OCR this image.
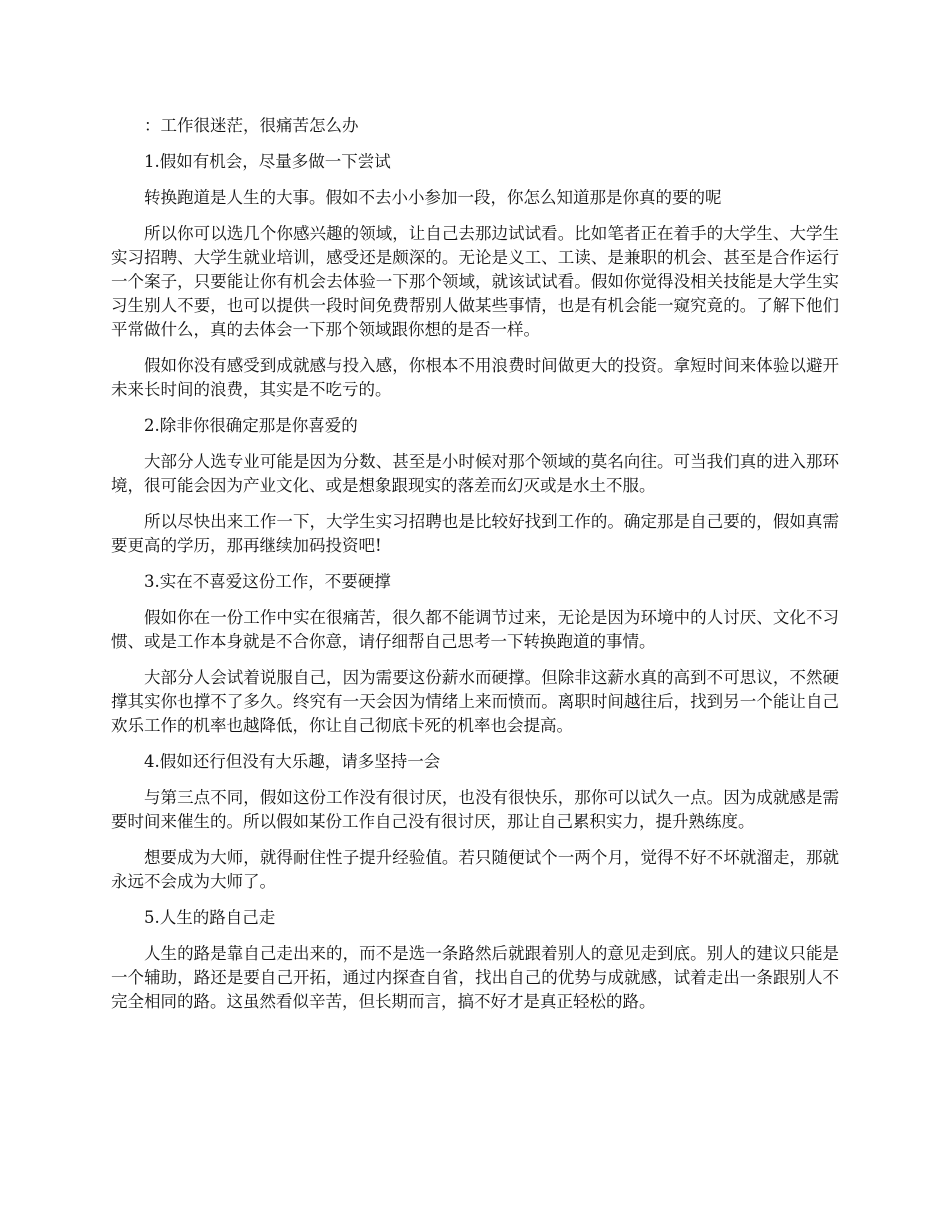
：工作很迷茫，很痛苦怎么办

1.假如有机会，尽量多做一下尝试

转换跑道是人生的大事。假如不去小小参加一段，你怎么知道那是你真的要的呢

所以你可以选几个你感兴趣的领域，让自己去那边试试看。比如笔者正在着手的大学生、大学生实习招聘、大学生就业培训，感受还是颇深的。无论是义工、工读、是兼职的机会、甚至是合作运行一个案子，只要能让你有机会去体验一下那个领域，就该试试看。假如你觉得没相关技能是大学生实习生别人不要，也可以提供一段时间免费帮别人做某些事情，也是有机会能一窥究竟的。了解下他们平常做什么，真的去体会一下那个领域跟你想的是否一样。

假如你没有感受到成就感与投入感，你根本不用浪费时间做更大的投资。拿短时间来体验以避开未来长时间的浪费，其实是不吃亏的。

2.除非你很确定那是你喜爱的

大部分人选专业可能是因为分数、甚至是小时候对那个领域的莫名向往。可当我们真的进入那环境，很可能会因为产业文化、或是想象跟现实的落差而幻灭或是水土不服。

所以尽快出来工作一下，大学生实习招聘也是比较好找到工作的。确定那是自己要的，假如真需要更高的学历，那再继续加码投资吧!

3.实在不喜爱这份工作，不要硬撑

假如你在一份工作中实在很痛苦，很久都不能调节过来，无论是因为环境中的人讨厌、文化不习惯、或是工作本身就是不合你意，请仔细帮自己思考一下转换跑道的事情。

大部分人会试着说服自己，因为需要这份薪水而硬撑。但除非这薪水真的高到不可思议，不然硬撑其实你也撑不了多久。终究有一天会因为情绪上来而愤而。离职时间越往后，找到另一个能让自己欢乐工作的机率也越降低，你让自己彻底卡死的机率也会提高。

4.假如还行但没有大乐趣，请多坚持一会

与第三点不同，假如这份工作没有很讨厌，也没有很快乐，那你可以试久一点。因为成就感是需要时间来催生的。所以假如某份工作自己没有很讨厌，那让自己累积实力，提升熟练度。

想要成为大师，就得耐住性子提升经验值。若只随便试个一两个月，觉得不好不坏就溜走，那就永远不会成为大师了。

5.人生的路自己走

人生的路是靠自己走出来的，而不是选一条路然后就跟着别人的意见走到底。别人的建议只能是一个辅助，路还是要自己开拓，通过内探查自省，找出自己的优势与成就感，试着走出一条跟别人不完全相同的路。这虽然看似辛苦，但长期而言，搞不好才是真正轻松的路。
